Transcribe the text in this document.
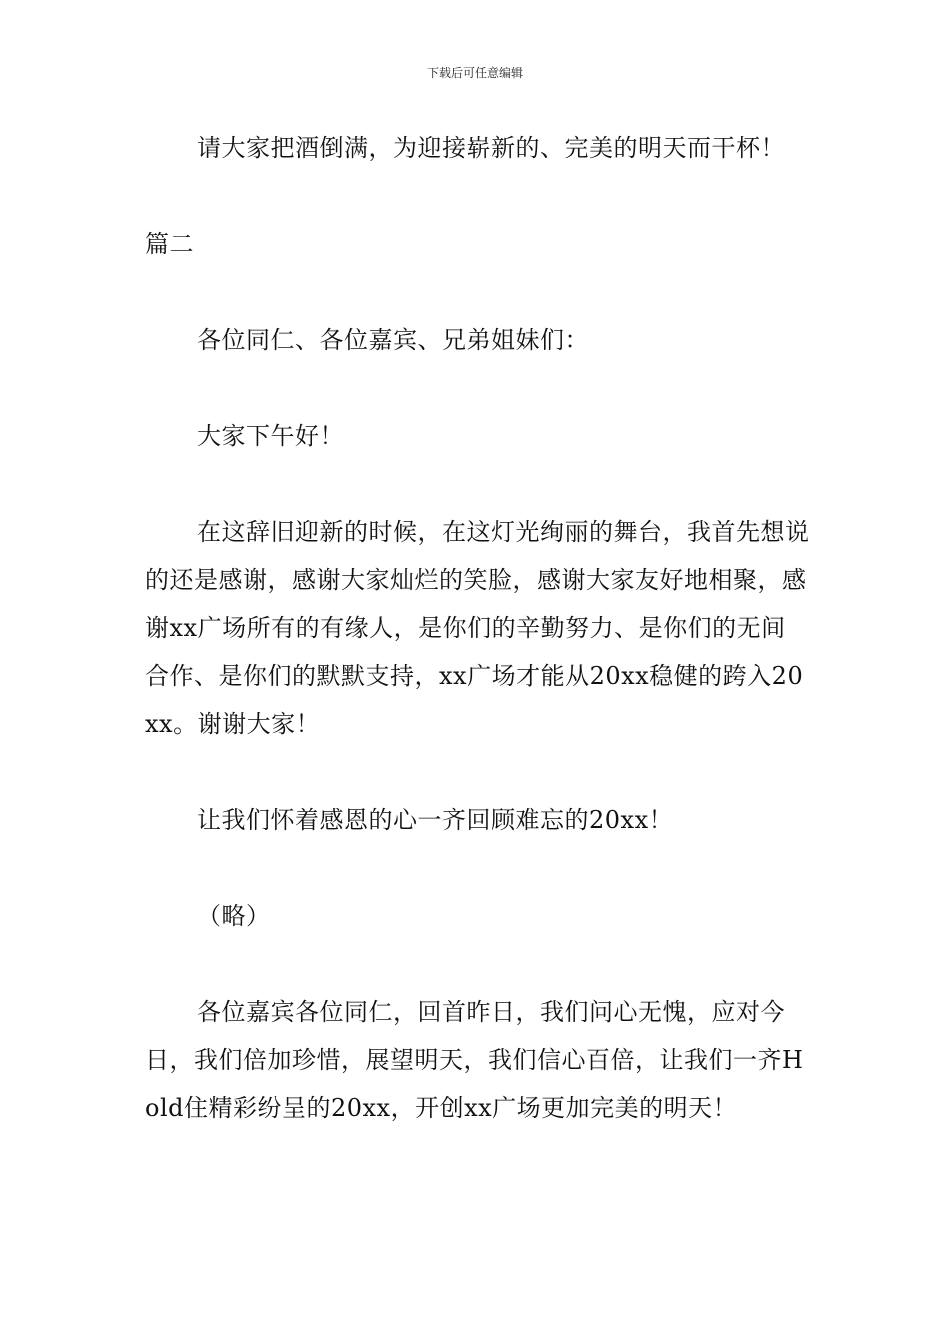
下载后可任意编辑

请大家把酒倒满，为迎接崭新的、完美的明天而干杯！

篇二

各位同仁、各位嘉宾、兄弟姐妹们：

大家下午好！

在这辞旧迎新的时候，在这灯光绚丽的舞台，我首先想说的还是感谢，感谢大家灿烂的笑脸，感谢大家友好地相聚，感谢xx广场所有的有缘人，是你们的辛勤努力、是你们的无间合作、是你们的默默支持，xx广场才能从20xx稳健的跨入20xx。谢谢大家！

让我们怀着感恩的心一齐回顾难忘的20xx！

（略）

各位嘉宾各位同仁，回首昨日，我们问心无愧，应对今日，我们倍加珍惜，展望明天，我们信心百倍，让我们一齐Hold住精彩纷呈的20xx，开创xx广场更加完美的明天！
